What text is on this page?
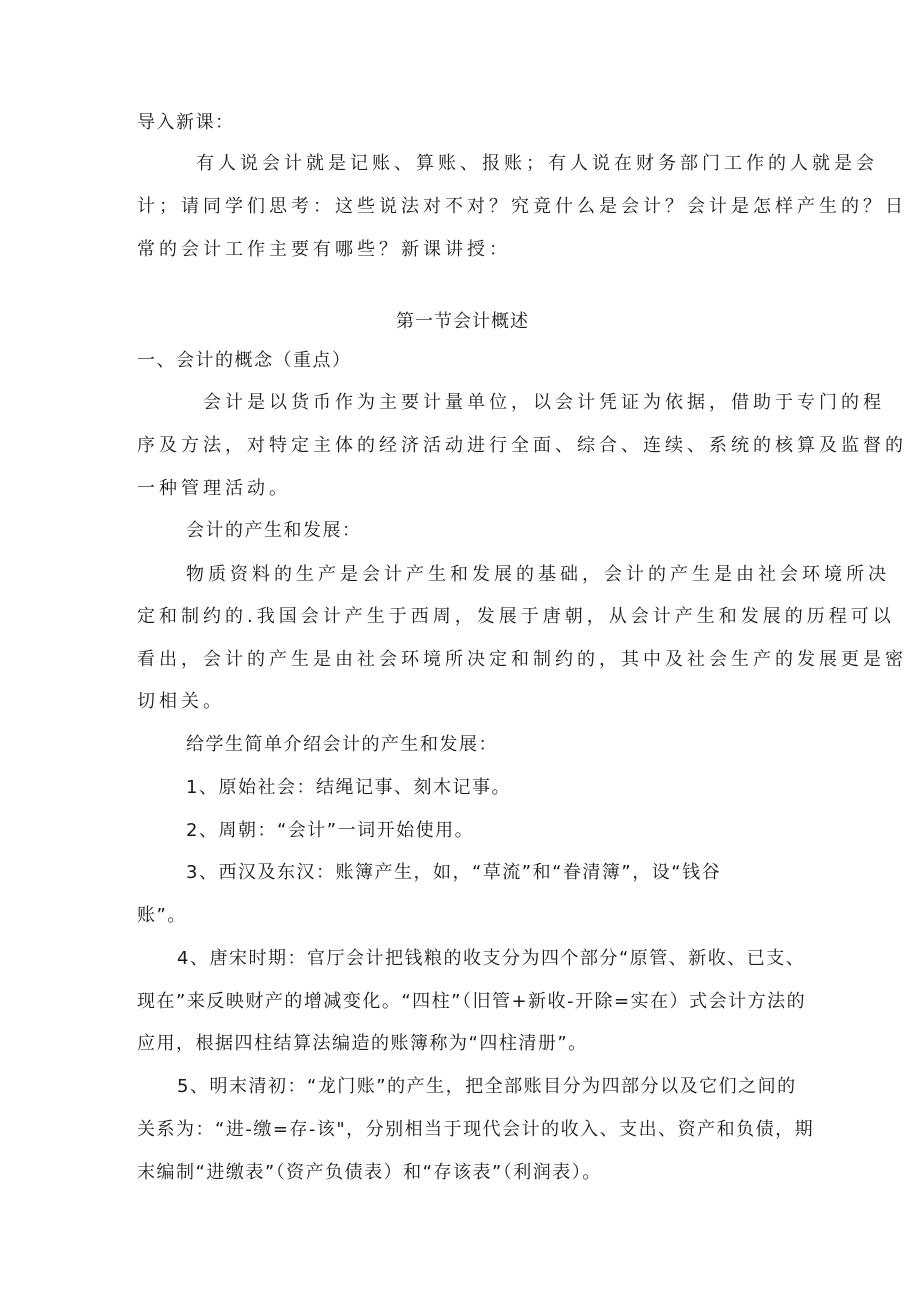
导入新课：
有人说会计就是记账、算账、报账；有人说在财务部门工作的人就是会
计；请同学们思考：这些说法对不对？究竟什么是会计？会计是怎样产生的？日
常的会计工作主要有哪些？新课讲授：
第一节会计概述
一、会计的概念（重点）
会计是以货币作为主要计量单位，以会计凭证为依据，借助于专门的程
序及方法，对特定主体的经济活动进行全面、综合、连续、系统的核算及监督的
一种管理活动。
会计的产生和发展：
物质资料的生产是会计产生和发展的基础，会计的产生是由社会环境所决
定和制约的.我国会计产生于西周，发展于唐朝，从会计产生和发展的历程可以
看出，会计的产生是由社会环境所决定和制约的，其中及社会生产的发展更是密
切相关。
给学生简单介绍会计的产生和发展：
1、原始社会：结绳记事、刻木记事。
2、周朝：“会计”一词开始使用。
3、西汉及东汉：账簿产生，如，“草流”和“眷清簿”，设“钱谷
账”。
4、唐宋时期：官厅会计把钱粮的收支分为四个部分“原管、新收、已支、
现在”来反映财产的增减变化。“四柱”（旧管+新收-开除=实在）式会计方法的
应用，根据四柱结算法编造的账簿称为“四柱清册”。
5、明末清初：“龙门账”的产生，把全部账目分为四部分以及它们之间的
关系为：“进-缴=存-该"，分别相当于现代会计的收入、支出、资产和负债，期
末编制“进缴表”（资产负债表）和“存该表”（利润表）。
